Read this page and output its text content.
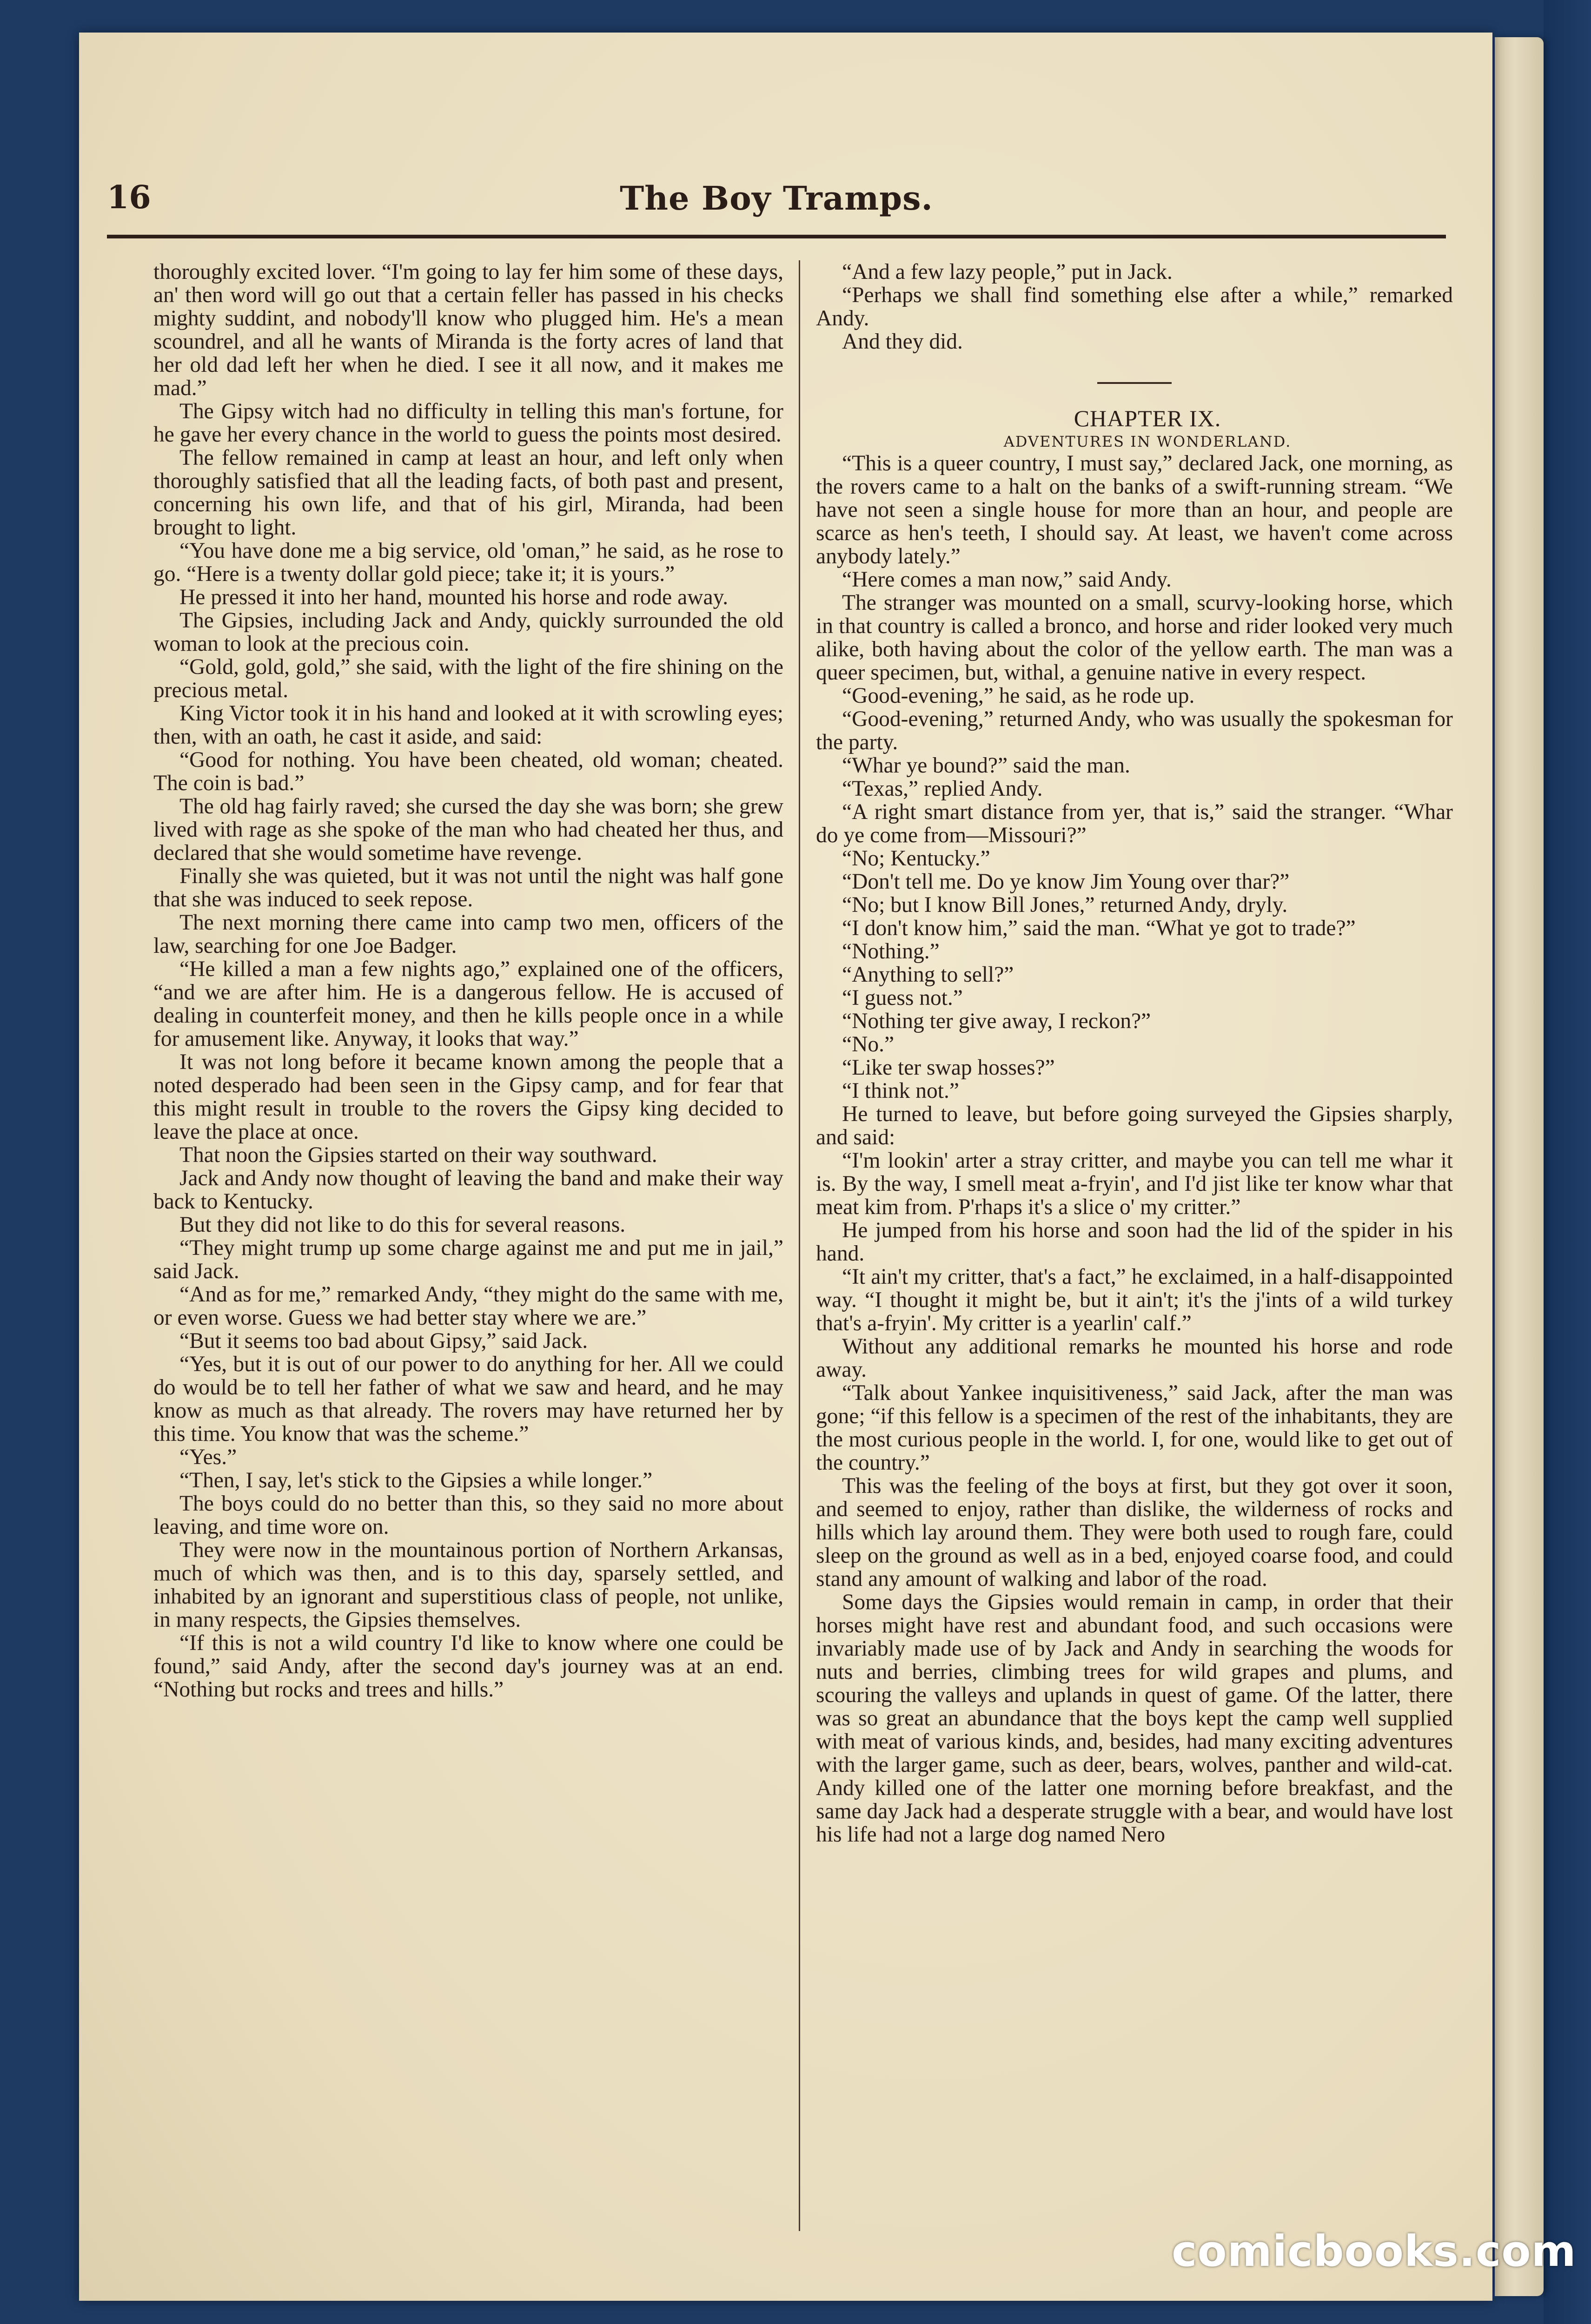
16	The Boy Tramps.

thoroughly excited lover. “I'm going to lay fer him some of these days, an' then word will go out that a certain feller has passed in his checks mighty suddint, and nobody'll know who plugged him. He's a mean scoundrel, and all he wants of Miranda is the forty acres of land that her old dad left her when he died. I see it all now, and it makes me mad.”

The Gipsy witch had no difficulty in telling this man's fortune, for he gave her every chance in the world to guess the points most desired.

The fellow remained in camp at least an hour, and left only when thoroughly satisfied that all the leading facts, of both past and present, concerning his own life, and that of his girl, Miranda, had been brought to light.

“You have done me a big service, old 'oman,” he said, as he rose to go. “Here is a twenty dollar gold piece; take it; it is yours.”

He pressed it into her hand, mounted his horse and rode away.

The Gipsies, including Jack and Andy, quickly surrounded the old woman to look at the precious coin.

“Gold, gold, gold,” she said, with the light of the fire shining on the precious metal.

King Victor took it in his hand and looked at it with scrowling eyes; then, with an oath, he cast it aside, and said:

“Good for nothing. You have been cheated, old woman; cheated. The coin is bad.”

The old hag fairly raved; she cursed the day she was born; she grew lived with rage as she spoke of the man who had cheated her thus, and declared that she would sometime have revenge.

Finally she was quieted, but it was not until the night was half gone that she was induced to seek repose.

The next morning there came into camp two men, officers of the law, searching for one Joe Badger.

“He killed a man a few nights ago,” explained one of the officers, “and we are after him. He is a dangerous fellow. He is accused of dealing in counterfeit money, and then he kills people once in a while for amusement like. Anyway, it looks that way.”

It was not long before it became known among the people that a noted desperado had been seen in the Gipsy camp, and for fear that this might result in trouble to the rovers the Gipsy king decided to leave the place at once.

That noon the Gipsies started on their way southward.

Jack and Andy now thought of leaving the band and make their way back to Kentucky.

But they did not like to do this for several reasons.

“They might trump up some charge against me and put me in jail,” said Jack.

“And as for me,” remarked Andy, “they might do the same with me, or even worse. Guess we had better stay where we are.”

“But it seems too bad about Gipsy,” said Jack.

“Yes, but it is out of our power to do anything for her. All we could do would be to tell her father of what we saw and heard, and he may know as much as that already. The rovers may have returned her by this time. You know that was the scheme.”

“Yes.”

“Then, I say, let's stick to the Gipsies a while longer.”

The boys could do no better than this, so they said no more about leaving, and time wore on.

They were now in the mountainous portion of Northern Arkansas, much of which was then, and is to this day, sparsely settled, and inhabited by an ignorant and superstitious class of people, not unlike, in many respects, the Gipsies themselves.

“If this is not a wild country I'd like to know where one could be found,” said Andy, after the second day's journey was at an end. “Nothing but rocks and trees and hills.”

“And a few lazy people,” put in Jack.

“Perhaps we shall find something else after a while,” remarked Andy.

And they did.

CHAPTER IX.

ADVENTURES IN WONDERLAND.

“This is a queer country, I must say,” declared Jack, one morning, as the rovers came to a halt on the banks of a swift-running stream. “We have not seen a single house for more than an hour, and people are scarce as hen's teeth, I should say. At least, we haven't come across anybody lately.”

“Here comes a man now,” said Andy.

The stranger was mounted on a small, scurvy-looking horse, which in that country is called a bronco, and horse and rider looked very much alike, both having about the color of the yellow earth. The man was a queer specimen, but, withal, a genuine native in every respect.

“Good-evening,” he said, as he rode up.

“Good-evening,” returned Andy, who was usually the spokesman for the party.

“Whar ye bound?” said the man.

“Texas,” replied Andy.

“A right smart distance from yer, that is,” said the stranger. “Whar do ye come from—Missouri?”

“No; Kentucky.”

“Don't tell me. Do ye know Jim Young over thar?”

“No; but I know Bill Jones,” returned Andy, dryly.

“I don't know him,” said the man. “What ye got to trade?”

“Nothing.”

“Anything to sell?”

“I guess not.”

“Nothing ter give away, I reckon?”

“No.”

“Like ter swap hosses?”

“I think not.”

He turned to leave, but before going surveyed the Gipsies sharply, and said:

“I'm lookin' arter a stray critter, and maybe you can tell me whar it is. By the way, I smell meat a-fryin', and I'd jist like ter know whar that meat kim from. P'rhaps it's a slice o' my critter.”

He jumped from his horse and soon had the lid of the spider in his hand.

“It ain't my critter, that's a fact,” he exclaimed, in a half-disappointed way. “I thought it might be, but it ain't; it's the j'ints of a wild turkey that's a-fryin'. My critter is a yearlin' calf.”

Without any additional remarks he mounted his horse and rode away.

“Talk about Yankee inquisitiveness,” said Jack, after the man was gone; “if this fellow is a specimen of the rest of the inhabitants, they are the most curious people in the world. I, for one, would like to get out of the country.”

This was the feeling of the boys at first, but they got over it soon, and seemed to enjoy, rather than dislike, the wilderness of rocks and hills which lay around them. They were both used to rough fare, could sleep on the ground as well as in a bed, enjoyed coarse food, and could stand any amount of walking and labor of the road.

Some days the Gipsies would remain in camp, in order that their horses might have rest and abundant food, and such occasions were invariably made use of by Jack and Andy in searching the woods for nuts and berries, climbing trees for wild grapes and plums, and scouring the valleys and uplands in quest of game. Of the latter, there was so great an abundance that the boys kept the camp well supplied with meat of various kinds, and, besides, had many exciting adventures with the larger game, such as deer, bears, wolves, panther and wild-cat. Andy killed one of the latter one morning before breakfast, and the same day Jack had a desperate struggle with a bear, and would have lost his life had not a large dog named Nero

comicbooks.com
